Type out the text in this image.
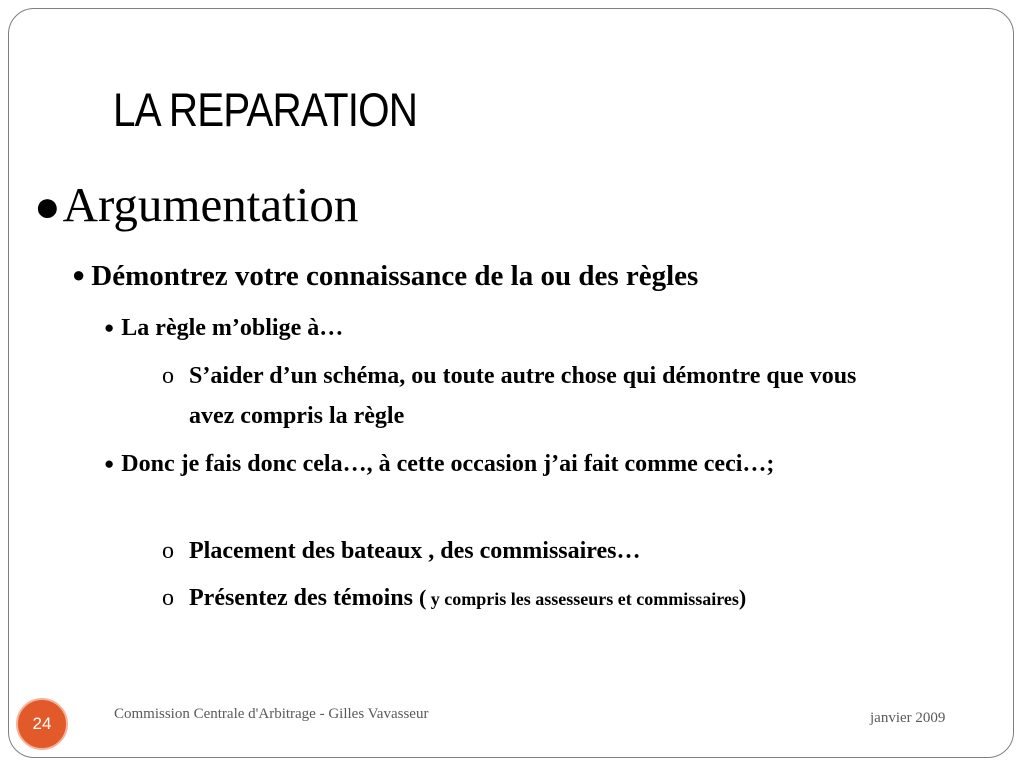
LA REPARATION
●Argumentation
● Démontrez votre connaissance de la ou des règles
● La règle m’oblige à…
o S’aider d’un schéma, ou toute autre chose qui démontre que vous avez compris la règle
● Donc je fais donc cela…, à cette occasion j’ai fait comme ceci…;
o Placement des bateaux , des commissaires…
o Présentez des témoins ( y compris les assesseurs et commissaires)
24	Commission Centrale d'Arbitrage - Gilles Vavasseur	janvier 2009
